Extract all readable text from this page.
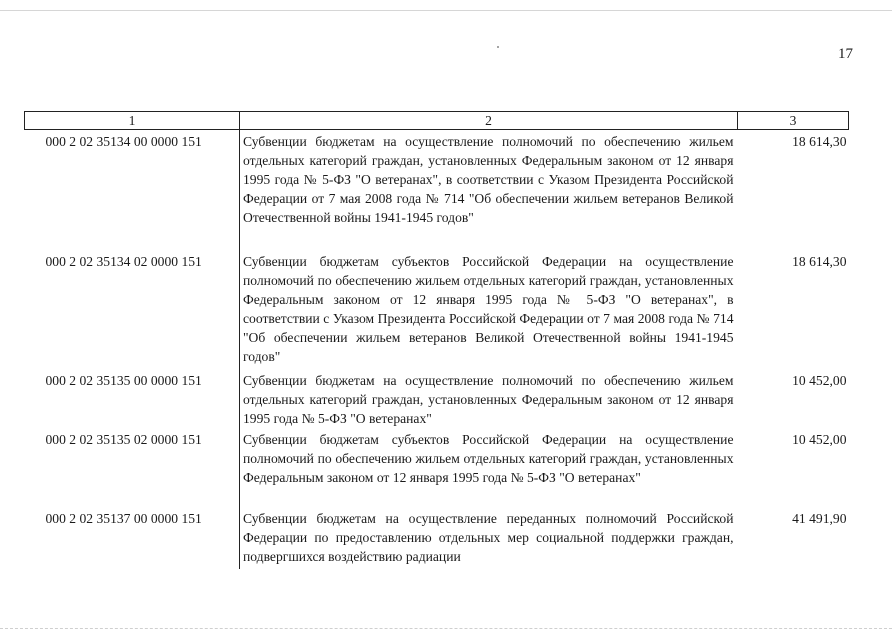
17
1	2	3
000 2 02 35134 00 0000 151	Субвенции бюджетам на осуществление полномочий по обеспечению жильем отдельных категорий граждан, установленных Федеральным законом от 12 января 1995 года № 5-ФЗ "О ветеранах", в соответствии с Указом Президента Российской Федерации от 7 мая 2008 года № 714 "Об обеспечении жильем ветеранов Великой Отечественной войны 1941-1945 годов"	18 614,30
000 2 02 35134 02 0000 151	Субвенции бюджетам субъектов Российской Федерации на осуществление полномочий по обеспечению жильем отдельных категорий граждан, установленных Федеральным законом от 12 января 1995 года № 5-ФЗ "О ветеранах", в соответствии с Указом Президента Российской Федерации от 7 мая 2008 года № 714 "Об обеспечении жильем ветеранов Великой Отечественной войны 1941-1945 годов"	18 614,30
000 2 02 35135 00 0000 151	Субвенции бюджетам на осуществление полномочий по обеспечению жильем отдельных категорий граждан, установленных Федеральным законом от 12 января 1995 года № 5-ФЗ "О ветеранах"	10 452,00
000 2 02 35135 02 0000 151	Субвенции бюджетам субъектов Российской Федерации на осуществление полномочий по обеспечению жильем отдельных категорий граждан, установленных Федеральным законом от 12 января 1995 года № 5-ФЗ "О ветеранах"	10 452,00
000 2 02 35137 00 0000 151	Субвенции бюджетам на осуществление переданных полномочий Российской Федерации по предоставлению отдельных мер социальной поддержки граждан, подвергшихся воздействию радиации	41 491,90
